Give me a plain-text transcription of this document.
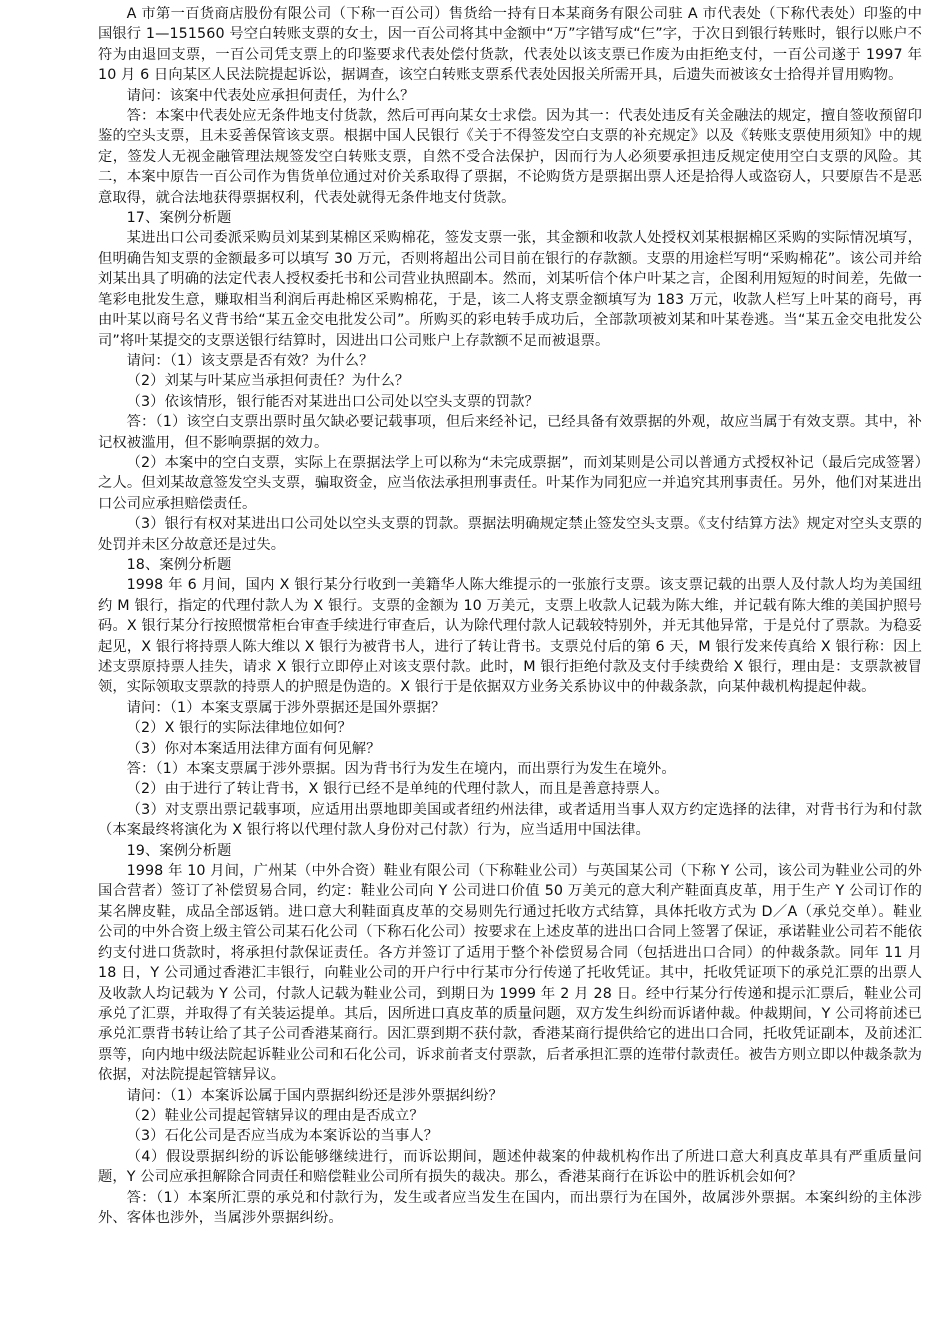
A 市第一百货商店股份有限公司（下称一百公司）售货给一持有日本某商务有限公司驻 A 市代表处（下称代表处）印鉴的中国银行 1—151560 号空白转账支票的女士，因一百公司将其中金额中“万”字错写成“仨”字，于次日到银行转账时，银行以账户不符为由退回支票，一百公司凭支票上的印鉴要求代表处偿付货款，代表处以该支票已作废为由拒绝支付，一百公司遂于 1997 年 10 月 6 日向某区人民法院提起诉讼，据调查，该空白转账支票系代表处因报关所需开具，后遗失而被该女士拾得并冒用购物。

请问：该案中代表处应承担何责任，为什么？

答：本案中代表处应无条件地支付货款，然后可再向某女士求偿。因为其一：代表处违反有关金融法的规定，擅自签收预留印鉴的空头支票，且未妥善保管该支票。根据中国人民银行《关于不得签发空白支票的补充规定》以及《转账支票使用须知》中的规定，签发人无视金融管理法规签发空白转账支票，自然不受合法保护，因而行为人必须要承担违反规定使用空白支票的风险。其二，本案中原告一百公司作为售货单位通过对价关系取得了票据，不论购货方是票据出票人还是拾得人或盗窃人，只要原告不是恶意取得，就合法地获得票据权利，代表处就得无条件地支付货款。

17、案例分析题

某进出口公司委派采购员刘某到某棉区采购棉花，签发支票一张，其金额和收款人处授权刘某根据棉区采购的实际情况填写，但明确告知支票的金额最多可以填写 30 万元，否则将超出公司目前在银行的存款额。支票的用途栏写明“采购棉花”。该公司并给刘某出具了明确的法定代表人授权委托书和公司营业执照副本。然而，刘某听信个体户叶某之言，企图利用短短的时间差，先做一笔彩电批发生意，赚取相当利润后再赴棉区采购棉花，于是，该二人将支票金额填写为 183 万元，收款人栏写上叶某的商号，再由叶某以商号名义背书给“某五金交电批发公司”。所购买的彩电转手成功后，全部款项被刘某和叶某卷逃。当“某五金交电批发公司”将叶某提交的支票送银行结算时，因进出口公司账户上存款额不足而被退票。

请问：（1）该支票是否有效？为什么？

（2）刘某与叶某应当承担何责任？为什么？

（3）依该情形，银行能否对某进出口公司处以空头支票的罚款？

答：（1）该空白支票出票时虽欠缺必要记载事项，但后来经补记，已经具备有效票据的外观，故应当属于有效支票。其中，补记权被滥用，但不影响票据的效力。

（2）本案中的空白支票，实际上在票据法学上可以称为“未完成票据”，而刘某则是公司以普通方式授权补记（最后完成签署）之人。但刘某故意签发空头支票，骗取资金，应当依法承担刑事责任。叶某作为同犯应一并追究其刑事责任。另外，他们对某进出口公司应承担赔偿责任。

（3）银行有权对某进出口公司处以空头支票的罚款。票据法明确规定禁止签发空头支票。《支付结算方法》规定对空头支票的处罚并未区分故意还是过失。

18、案例分析题

1998 年 6 月间，国内 X 银行某分行收到一美籍华人陈大维提示的一张旅行支票。该支票记载的出票人及付款人均为美国纽约 M 银行，指定的代理付款人为 X 银行。支票的金额为 10 万美元，支票上收款人记载为陈大维，并记载有陈大维的美国护照号码。X 银行某分行按照惯常柜台审查手续进行审查后，认为除代理付款人记载较特别外，并无其他异常，于是兑付了票款。为稳妥起见，X 银行将持票人陈大维以 X 银行为被背书人，进行了转让背书。支票兑付后的第 6 天，M 银行发来传真给 X 银行称：因上述支票原持票人挂失，请求 X 银行立即停止对该支票付款。此时，M 银行拒绝付款及支付手续费给 X 银行，理由是：支票款被冒领，实际领取支票款的持票人的护照是伪造的。X 银行于是依据双方业务关系协议中的仲裁条款，向某仲裁机构提起仲裁。

请问：（1）本案支票属于涉外票据还是国外票据？

（2）X 银行的实际法律地位如何？

（3）你对本案适用法律方面有何见解？

答：（1）本案支票属于涉外票据。因为背书行为发生在境内，而出票行为发生在境外。

（2）由于进行了转让背书，X 银行已经不是单纯的代理付款人，而且是善意持票人。

（3）对支票出票记载事项，应适用出票地即美国或者纽约州法律，或者适用当事人双方约定选择的法律，对背书行为和付款（本案最终将演化为 X 银行将以代理付款人身份对己付款）行为，应当适用中国法律。

19、案例分析题

1998 年 10 月间，广州某（中外合资）鞋业有限公司（下称鞋业公司）与英国某公司（下称 Y 公司，该公司为鞋业公司的外国合营者）签订了补偿贸易合同，约定：鞋业公司向 Y 公司进口价值 50 万美元的意大利产鞋面真皮革，用于生产 Y 公司订作的某名牌皮鞋，成品全部返销。进口意大利鞋面真皮革的交易则先行通过托收方式结算，具体托收方式为 D／A（承兑交单）。鞋业公司的中外合资上级主管公司某石化公司（下称石化公司）按要求在上述皮革的进出口合同上签署了保证，承诺鞋业公司若不能依约支付进口货款时，将承担付款保证责任。各方并签订了适用于整个补偿贸易合同（包括进出口合同）的仲裁条款。同年 11 月 18 日，Y 公司通过香港汇丰银行，向鞋业公司的开户行中行某市分行传递了托收凭证。其中，托收凭证项下的承兑汇票的出票人及收款人均记载为 Y 公司，付款人记载为鞋业公司，到期日为 1999 年 2 月 28 日。经中行某分行传递和提示汇票后，鞋业公司承兑了汇票，并取得了有关装运提单。其后，因所进口真皮革的质量问题，双方发生纠纷而诉诸仲裁。仲裁期间，Y 公司将前述已承兑汇票背书转让给了其子公司香港某商行。因汇票到期不获付款，香港某商行提供给它的进出口合同，托收凭证副本，及前述汇票等，向内地中级法院起诉鞋业公司和石化公司，诉求前者支付票款，后者承担汇票的连带付款责任。被告方则立即以仲裁条款为依据，对法院提起管辖异议。

请问：（1）本案诉讼属于国内票据纠纷还是涉外票据纠纷？

（2）鞋业公司提起管辖异议的理由是否成立？

（3）石化公司是否应当成为本案诉讼的当事人？

（4）假设票据纠纷的诉讼能够继续进行，而诉讼期间，题述仲裁案的仲裁机构作出了所进口意大利真皮革具有严重质量问题，Y 公司应承担解除合同责任和赔偿鞋业公司所有损失的裁决。那么，香港某商行在诉讼中的胜诉机会如何？

答：（1）本案所汇票的承兑和付款行为，发生或者应当发生在国内，而出票行为在国外，故属涉外票据。本案纠纷的主体涉外、客体也涉外，当属涉外票据纠纷。
